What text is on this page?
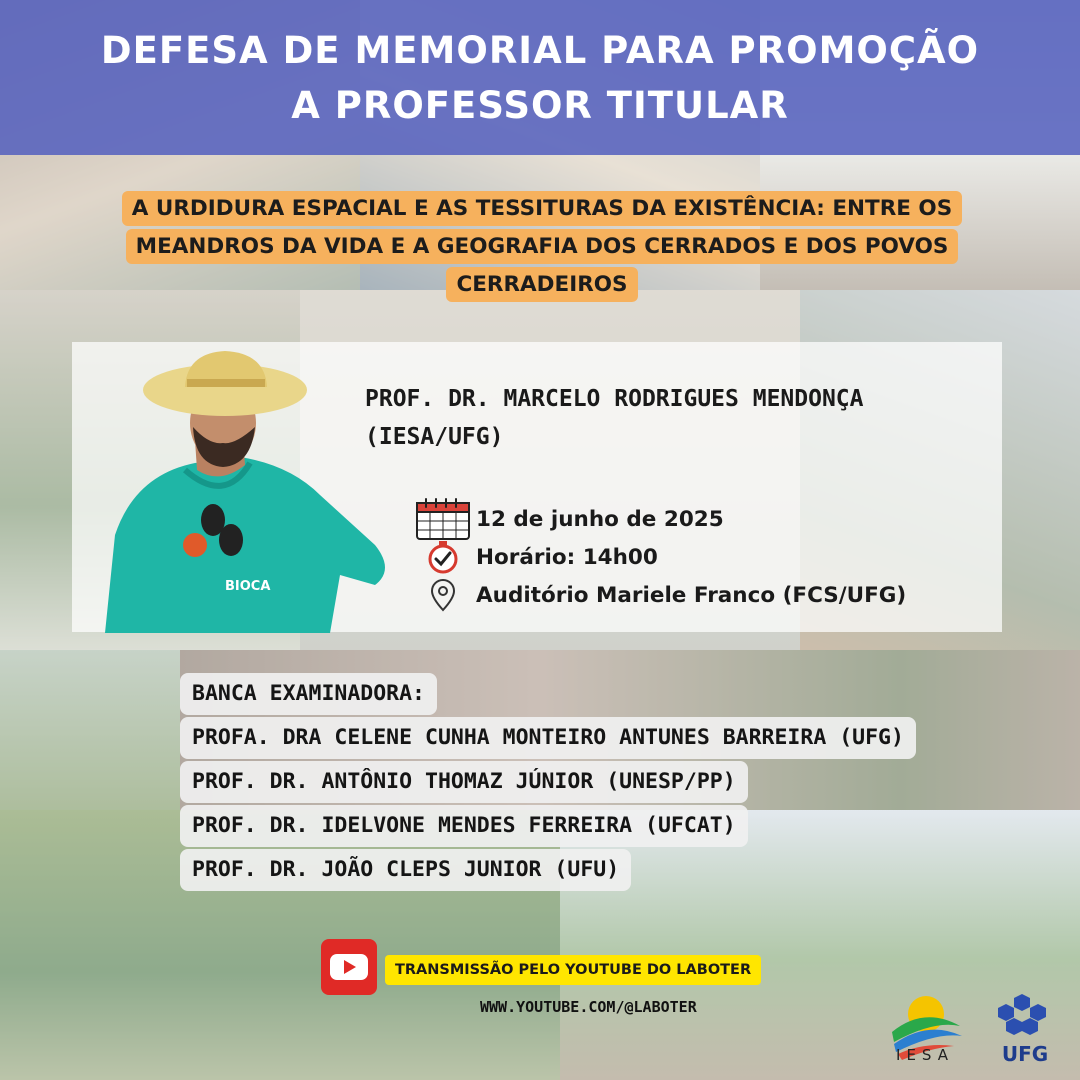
DEFESA DE MEMORIAL PARA PROMOÇÃO A PROFESSOR TITULAR
A URDIDURA ESPACIAL E AS TESSITURAS DA EXISTÊNCIA: ENTRE OS MEANDROS DA VIDA E A GEOGRAFIA DOS CERRADOS E DOS POVOS CERRADEIROS
BIOCA
PROF. DR. MARCELO RODRIGUES MENDONÇA (IESA/UFG)
12 de junho de 2025
Horário: 14h00
Auditório Mariele Franco (FCS/UFG)
BANCA EXAMINADORA:
PROFA. DRA CELENE CUNHA MONTEIRO ANTUNES BARREIRA (UFG)
PROF. DR. ANTÔNIO THOMAZ JÚNIOR (UNESP/PP)
PROF. DR. IDELVONE MENDES FERREIRA (UFCAT)
PROF. DR. JOÃO CLEPS JUNIOR (UFU)
TRANSMISSÃO PELO YOUTUBE DO LABOTER
WWW.YOUTUBE.COM/@LABOTER
IESA	UFG
